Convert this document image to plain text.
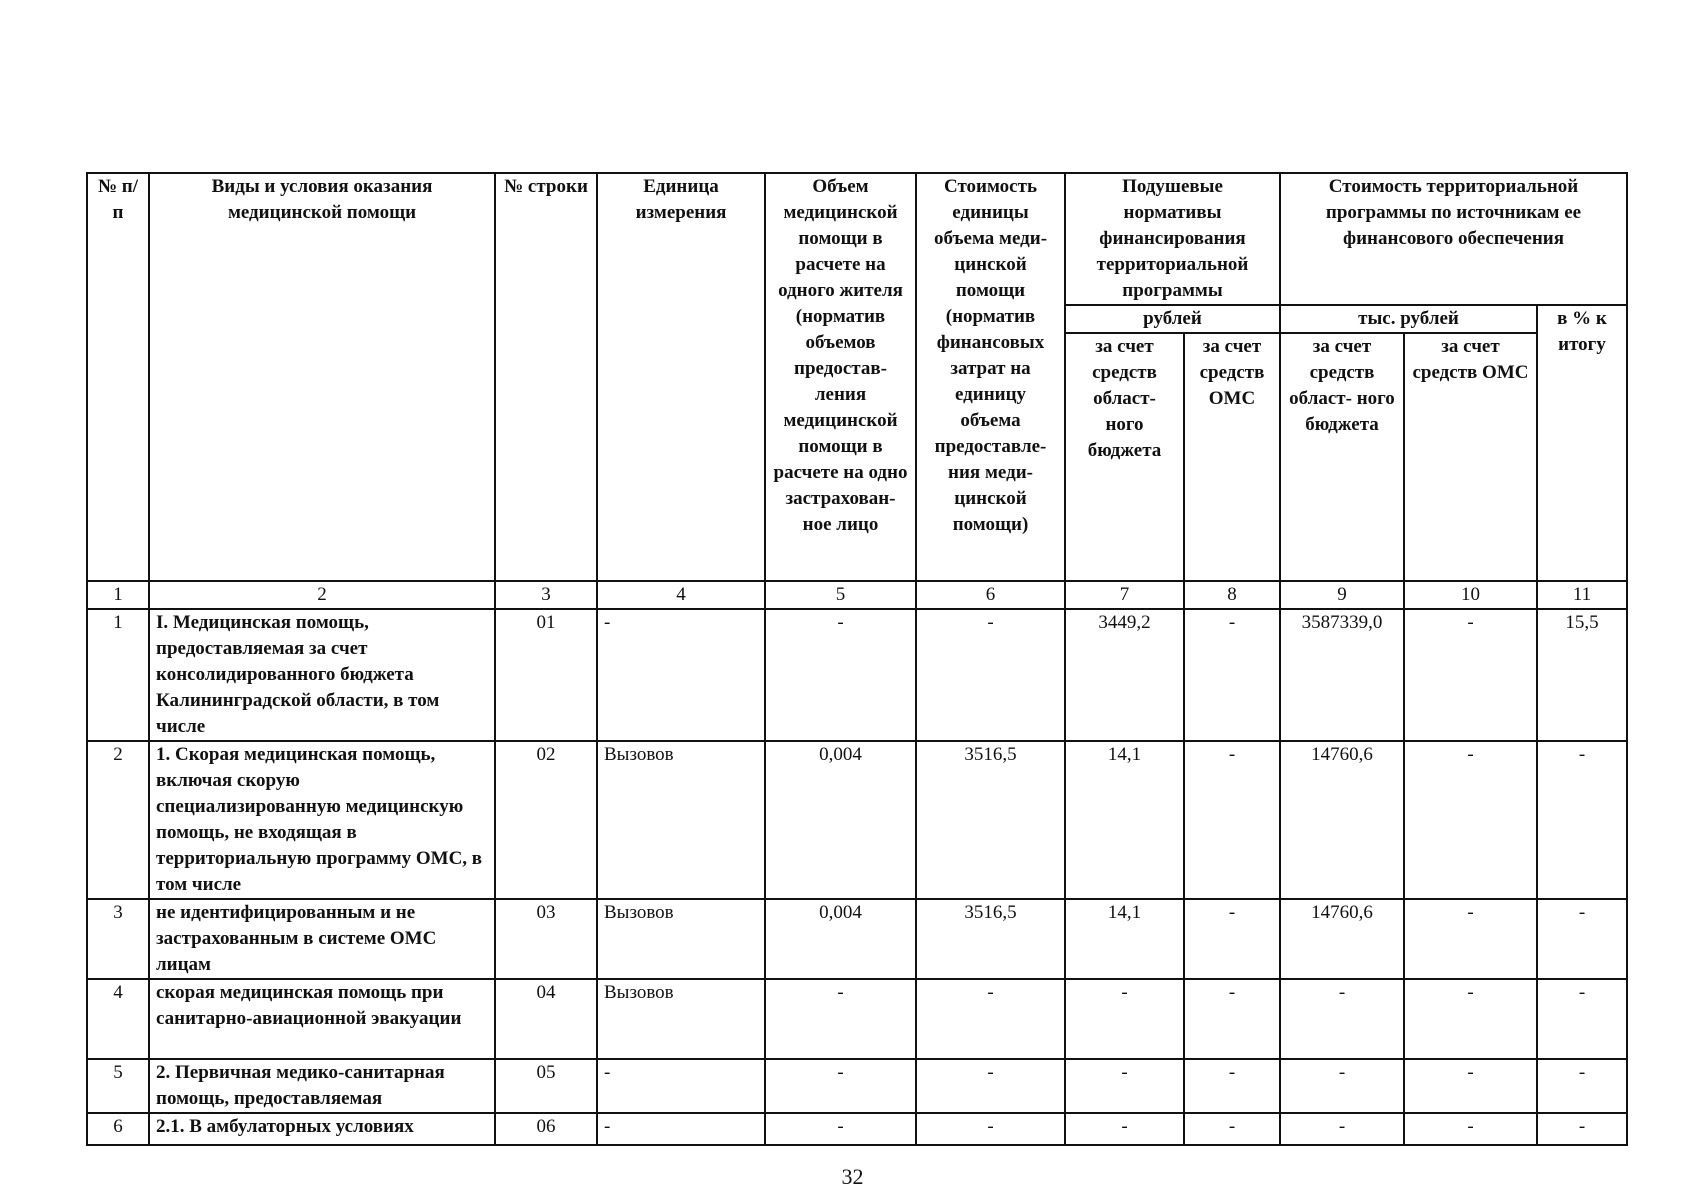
№ п/п	Виды и условия оказания медицинской помощи	№ строки	Единица измерения	Объем медицинской помощи в расчете на одного жителя (норматив объемов предостав- ления медицинской помощи в расчете на одно застрахован- ное лицо	Стоимость единицы объема меди- цинской помощи (норматив финансовых затрат на единицу объема предоставле- ния меди- цинской помощи)	Подушевые нормативы финансирования территориальной программы		Стоимость территориальной программы по источникам ее финансового обеспечения		
						рублей		тыс. рублей		в % к итогу
						за счет средств област- ного бюджета	за счет средств ОМС	за счет средств област- ного бюджета	за счет средств ОМС	
1	2	3	4	5	6	7	8	9	10	11
1	I. Медицинская помощь, предоставляемая за счет консолидированного бюджета Калининградской области, в том числе	01	-	-	-	3449,2	-	3587339,0	-	15,5
2	1. Скорая медицинская помощь, включая скорую специализированную медицинскую помощь, не входящая в территориальную программу ОМС, в том числе	02	Вызовов	0,004	3516,5	14,1	-	14760,6	-	-
3	не идентифицированным и не застрахованным в системе ОМС лицам	03	Вызовов	0,004	3516,5	14,1	-	14760,6	-	-
4	скорая медицинская помощь при санитарно-авиационной эвакуации	04	Вызовов	-	-	-	-	-	-	-
5	2. Первичная медико-санитарная помощь, предоставляемая	05	-	-	-	-	-	-	-	-
6	2.1. В амбулаторных условиях	06	-	-	-	-	-	-	-	-
32
